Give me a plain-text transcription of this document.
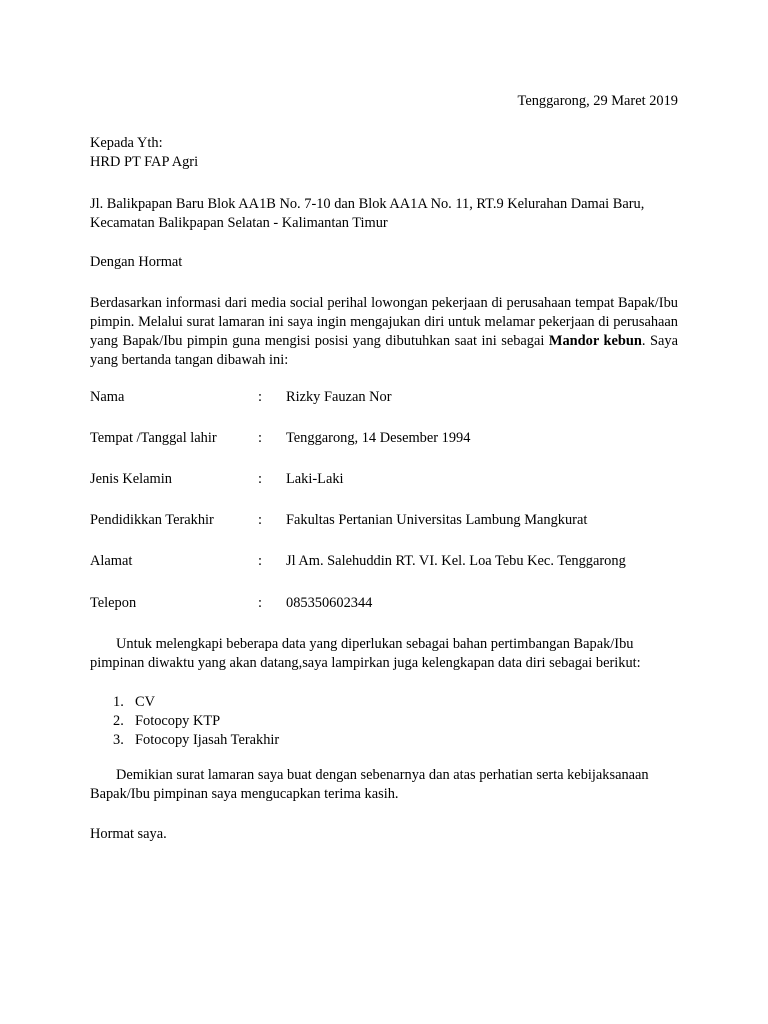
Tenggarong, 29 Maret 2019

Kepada Yth:
HRD PT FAP Agri
Jl. Balikpapan Baru Blok AA1B No. 7-10 dan Blok AA1A No. 11, RT.9 Kelurahan Damai Baru,
Kecamatan Balikpapan Selatan - Kalimantan Timur

Dengan Hormat

Berdasarkan informasi dari media social perihal lowongan pekerjaan di perusahaan tempat Bapak/Ibu pimpin. Melalui surat lamaran ini saya ingin mengajukan diri untuk melamar pekerjaan di perusahaan yang Bapak/Ibu pimpin guna mengisi posisi yang dibutuhkan saat ini sebagai Mandor kebun. Saya yang bertanda tangan dibawah ini:

Nama	: Rizky Fauzan Nor
Tempat /Tanggal lahir	: Tenggarong, 14 Desember 1994
Jenis Kelamin	: Laki-Laki
Pendidikkan Terakhir	: Fakultas Pertanian Universitas Lambung Mangkurat
Alamat	: Jl Am. Salehuddin RT. VI. Kel. Loa Tebu Kec. Tenggarong
Telepon	: 085350602344

Untuk melengkapi beberapa data yang diperlukan sebagai bahan pertimbangan Bapak/Ibu pimpinan diwaktu yang akan datang,saya lampirkan juga kelengkapan data diri sebagai berikut:

1. CV
2. Fotocopy KTP
3. Fotocopy Ijasah Terakhir

Demikian surat lamaran saya buat dengan sebenarnya dan atas perhatian serta kebijaksanaan Bapak/Ibu pimpinan saya mengucapkan terima kasih.

Hormat saya.
